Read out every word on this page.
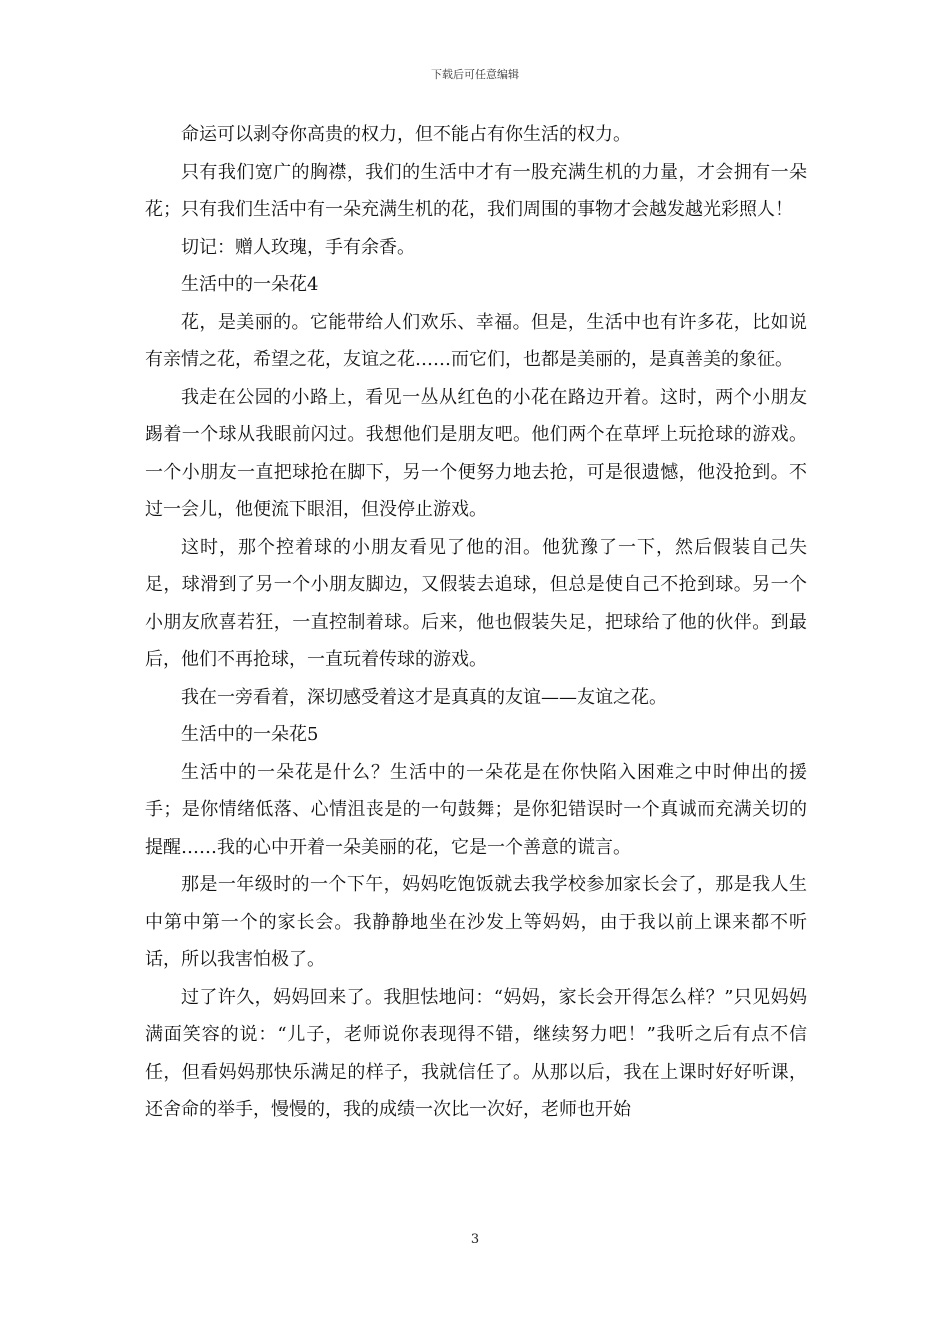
下载后可任意编辑

命运可以剥夺你高贵的权力，但不能占有你生活的权力。

只有我们宽广的胸襟，我们的生活中才有一股充满生机的力量，才会拥有一朵花；只有我们生活中有一朵充满生机的花，我们周围的事物才会越发越光彩照人！

切记：赠人玫瑰，手有余香。

生活中的一朵花4

花，是美丽的。它能带给人们欢乐、幸福。但是，生活中也有许多花，比如说有亲情之花，希望之花，友谊之花……而它们，也都是美丽的，是真善美的象征。

我走在公园的小路上，看见一丛从红色的小花在路边开着。这时，两个小朋友踢着一个球从我眼前闪过。我想他们是朋友吧。他们两个在草坪上玩抢球的游戏。一个小朋友一直把球抢在脚下，另一个便努力地去抢，可是很遗憾，他没抢到。不过一会儿，他便流下眼泪，但没停止游戏。

这时，那个控着球的小朋友看见了他的泪。他犹豫了一下，然后假装自己失足，球滑到了另一个小朋友脚边，又假装去追球，但总是使自己不抢到球。另一个小朋友欣喜若狂，一直控制着球。后来，他也假装失足，把球给了他的伙伴。到最后，他们不再抢球，一直玩着传球的游戏。

我在一旁看着，深切感受着这才是真真的友谊——友谊之花。

生活中的一朵花5

生活中的一朵花是什么？生活中的一朵花是在你快陷入困难之中时伸出的援手；是你情绪低落、心情沮丧是的一句鼓舞；是你犯错误时一个真诚而充满关切的提醒……我的心中开着一朵美丽的花，它是一个善意的谎言。

那是一年级时的一个下午，妈妈吃饱饭就去我学校参加家长会了，那是我人生中第中第一个的家长会。我静静地坐在沙发上等妈妈，由于我以前上课来都不听话，所以我害怕极了。

过了许久，妈妈回来了。我胆怯地问：“妈妈，家长会开得怎么样？”只见妈妈满面笑容的说：“儿子，老师说你表现得不错，继续努力吧！”我听之后有点不信任，但看妈妈那快乐满足的样子，我就信任了。从那以后，我在上课时好好听课，还舍命的举手，慢慢的，我的成绩一次比一次好，老师也开始

3
